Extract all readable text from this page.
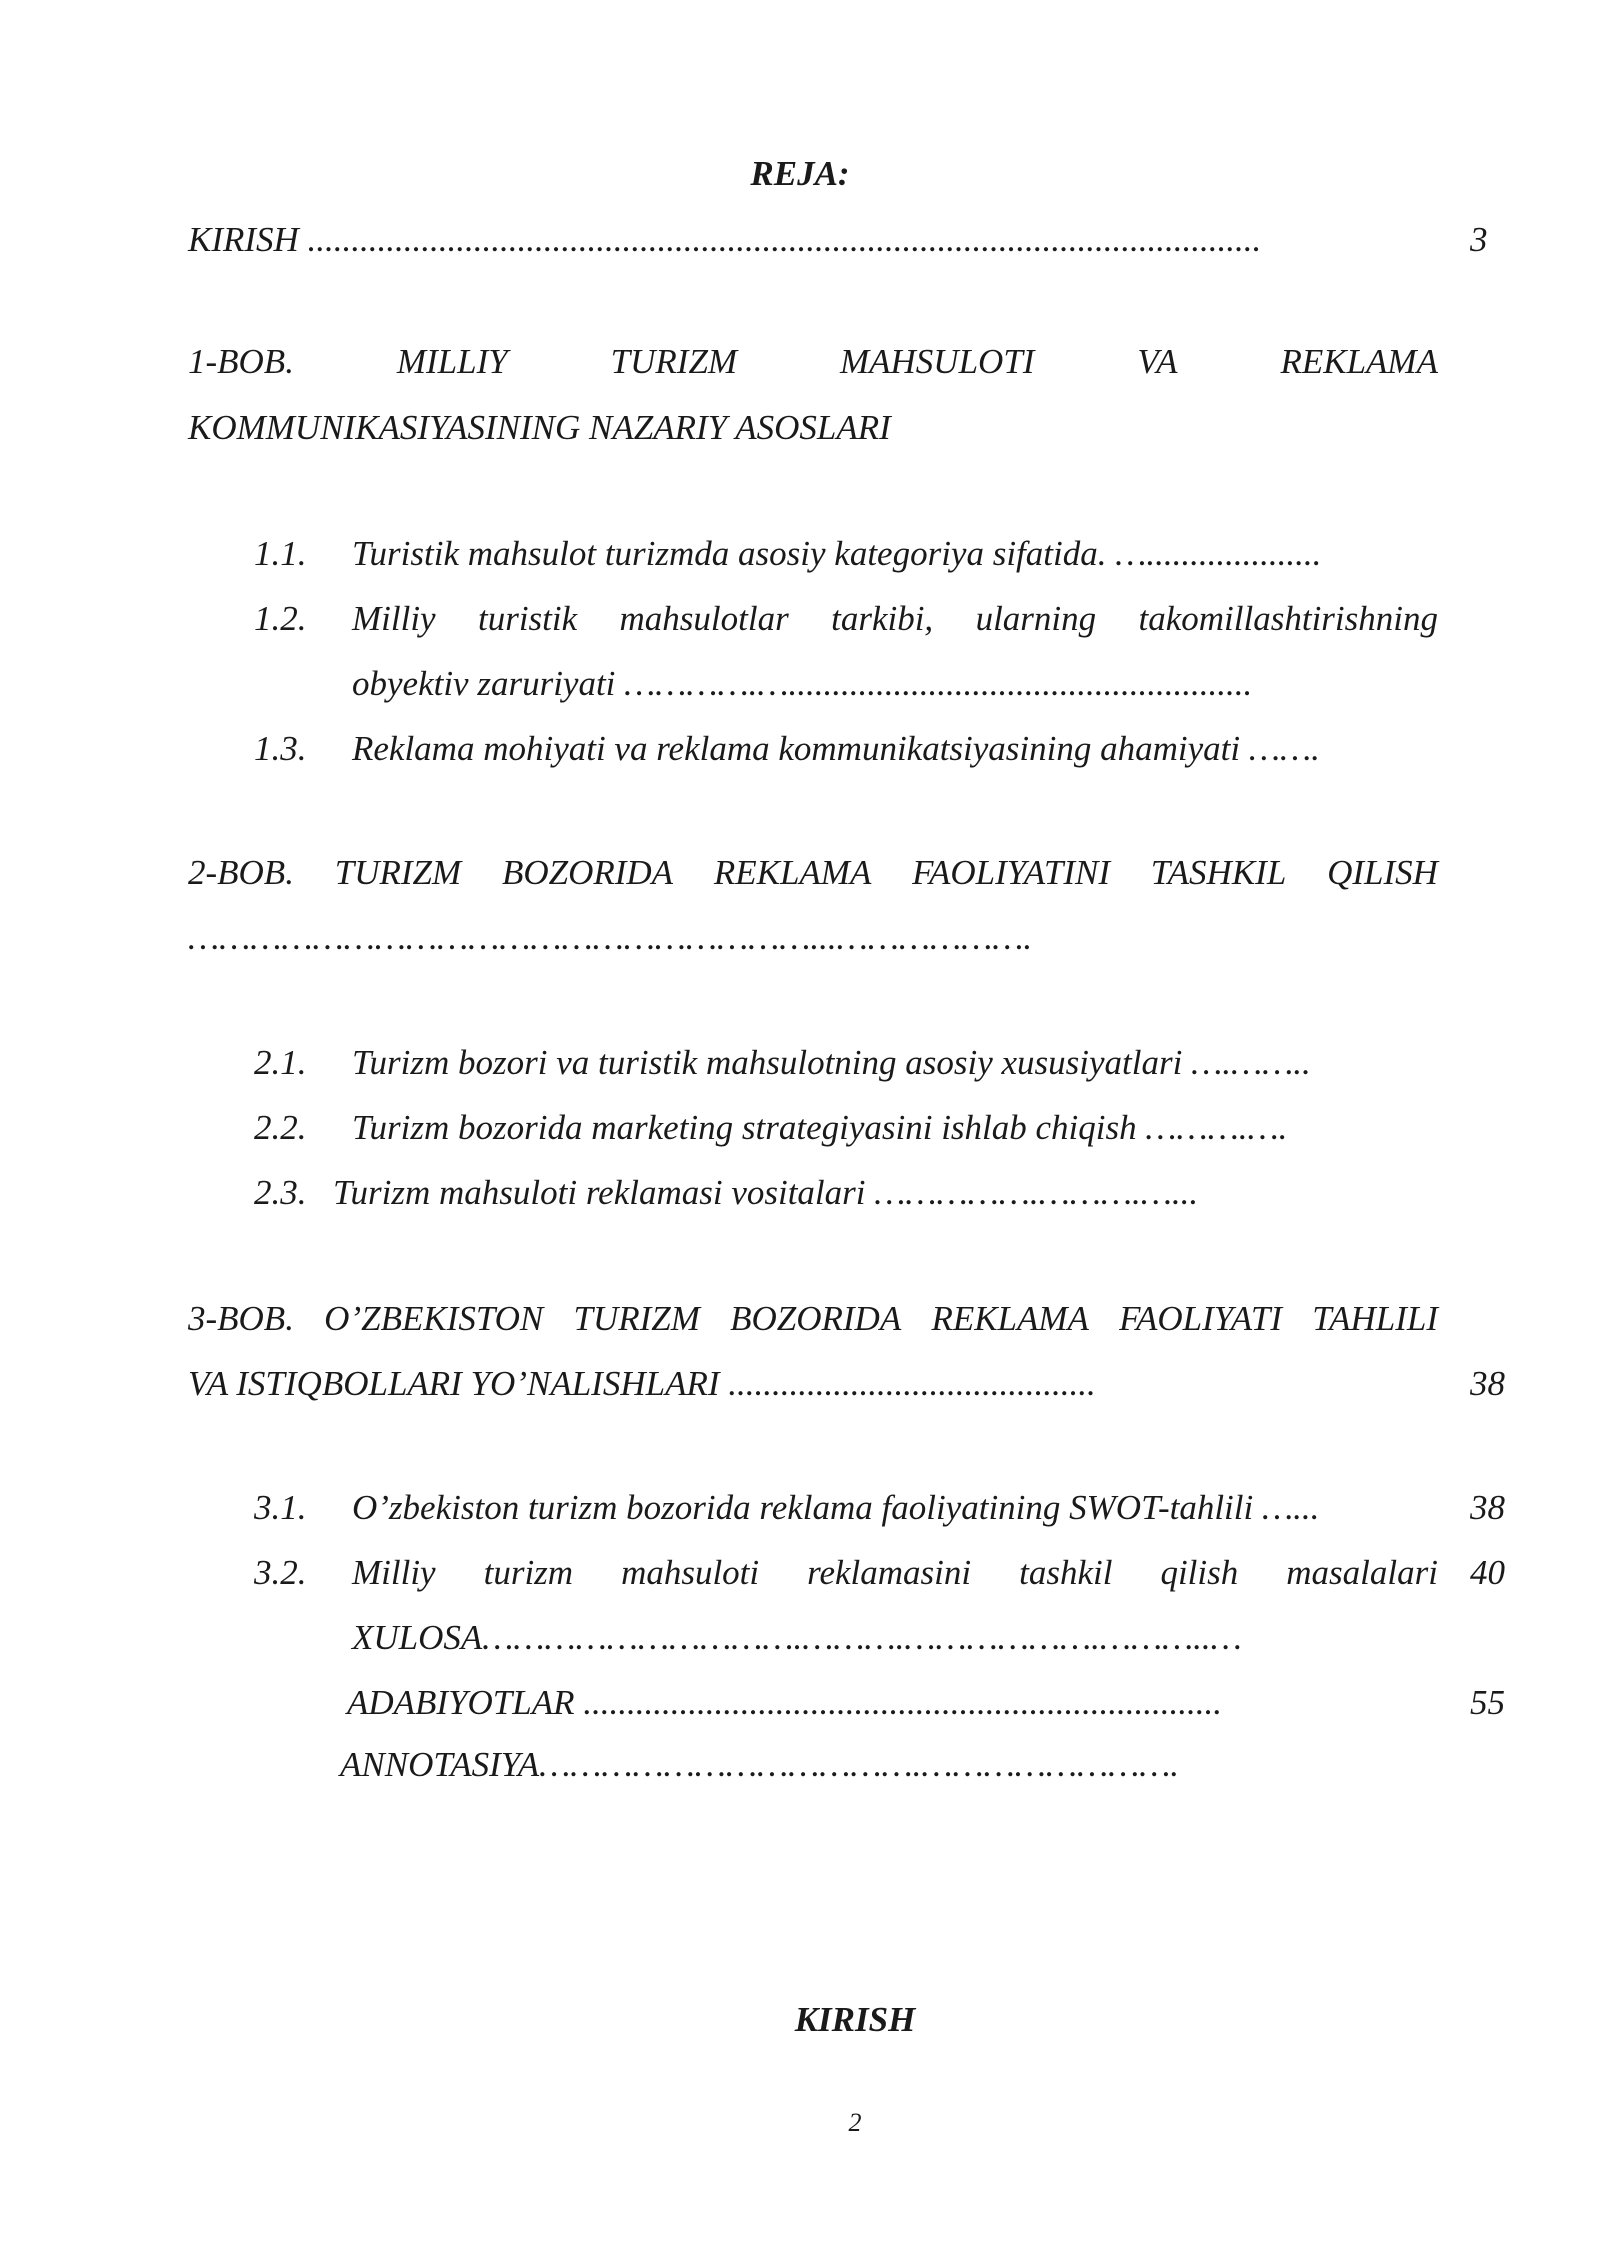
REJA:
KIRISH .............................................................................................................	3
1-BOB.	MILLIY	TURIZM	MAHSULOTI	VA	REKLAMA
KOMMUNIKASIYASINING NAZARIY ASOSLARI
1.1. Turistik mahsulot turizmda asosiy kategoriya sifatida. …....................
1.2. Milliy turistik mahsulotlar tarkibi, ularning takomillashtirishning
obyektiv zaruriyati ………….….....................................................
1.3. Reklama mohiyati va reklama kommunikatsiyasining ahamiyati …….
2-BOB. TURIZM BOZORIDA REKLAMA FAOLIYATINI TASHKIL QILISH
……………………………………………………...……………….
2.1. Turizm bozori va turistik mahsulotning asosiy xususiyatlari ….……..
2.2. Turizm bozorida marketing strategiyasini ishlab chiqish ……….….
2.3. Turizm mahsuloti reklamasi vositalari …………….……….…...
3-BOB. O’ZBEKISTON TURIZM BOZORIDA REKLAMA FAOLIYATI TAHLILI
VA ISTIQBOLLARI YO’NALISHLARI ..........................................	38
3.1. O’zbekiston turizm bozorida reklama faoliyatining SWOT-tahlili …...	38
3.2. Milliy turizm mahsuloti reklamasini tashkil qilish masalalari 40
XULOSA………………………….……….……………….………..…
ADABIYOTLAR .........................................................................	55
ANNOTASIYA……………………………….…………………….
KIRISH
2
